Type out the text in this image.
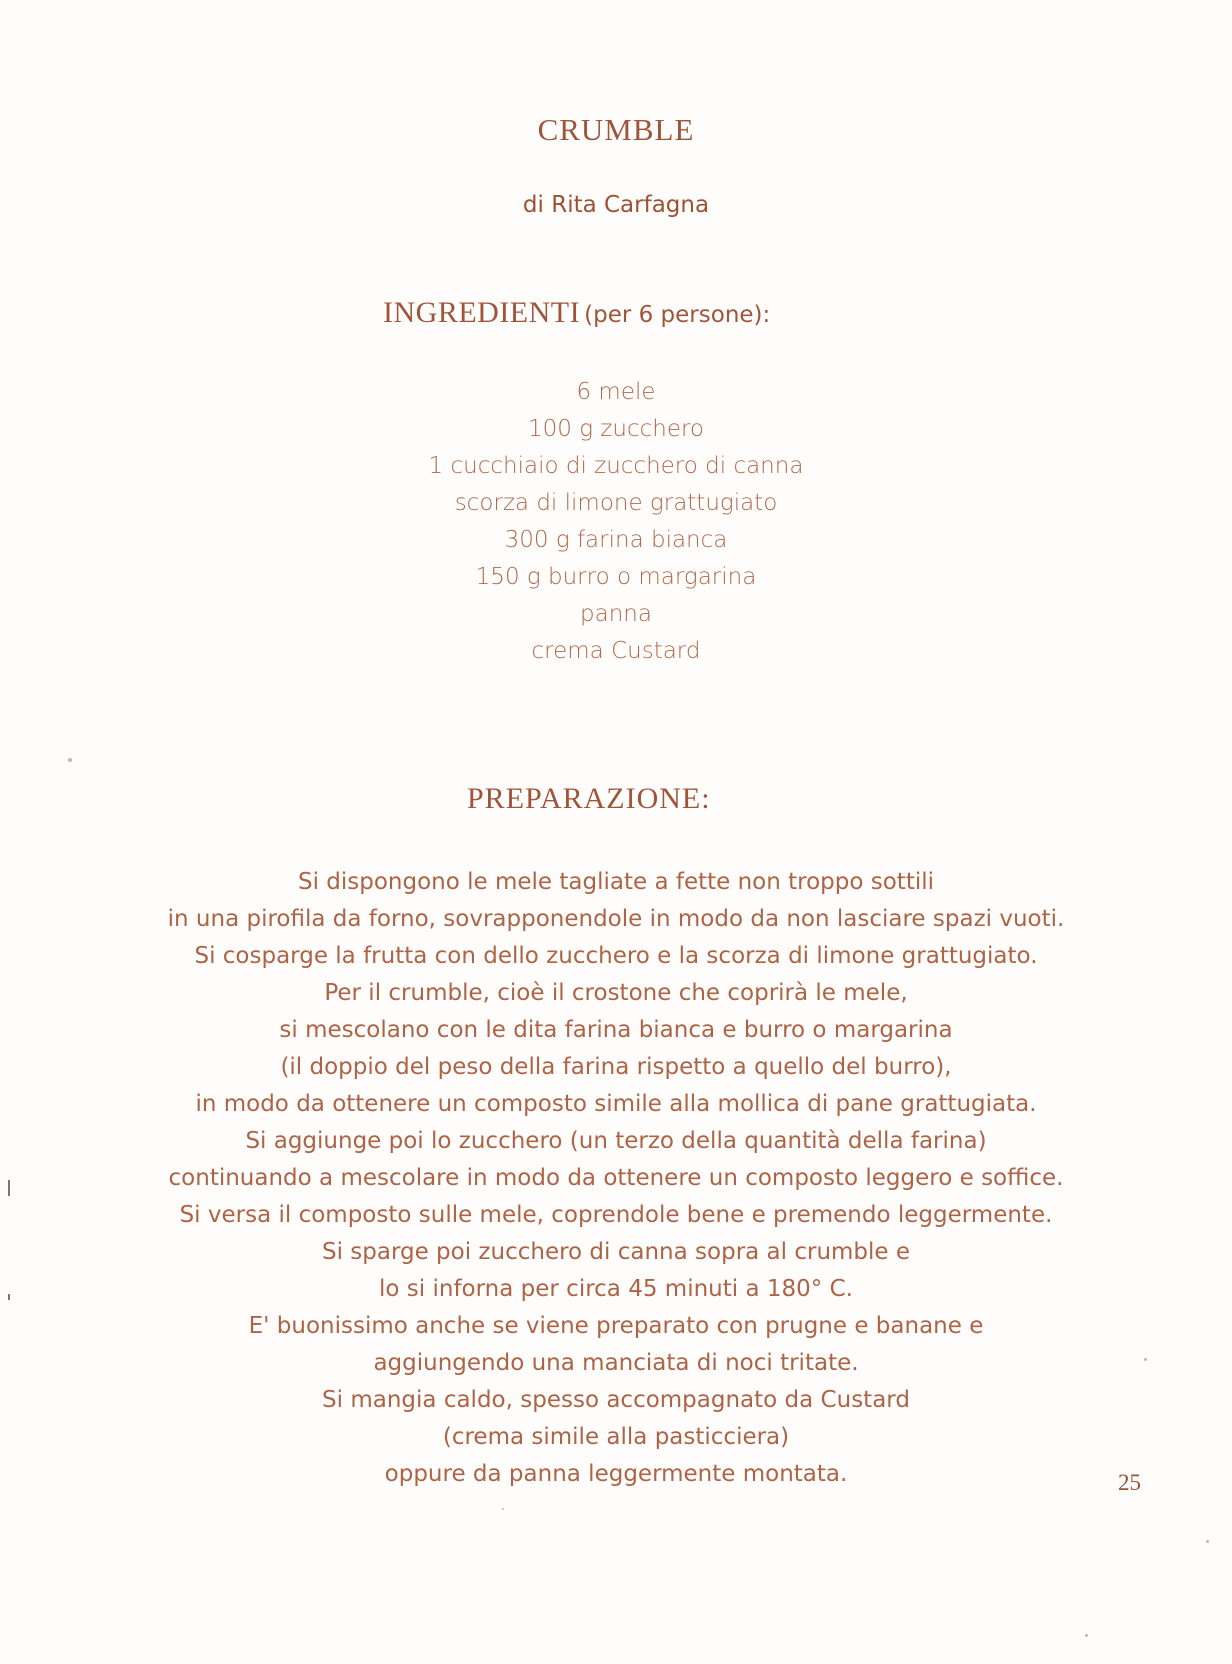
CRUMBLE
di Rita Carfagna
INGREDIENTI (per 6 persone):
6 mele
100 g zucchero
1 cucchiaio di zucchero di canna
scorza di limone grattugiato
300 g farina bianca
150 g burro o margarina
panna
crema Custard
PREPARAZIONE:
Si dispongono le mele tagliate a fette non troppo sottili
in una pirofila da forno, sovrapponendole in modo da non lasciare spazi vuoti.
Si cosparge la frutta con dello zucchero e la scorza di limone grattugiato.
Per il crumble, cioè il crostone che coprirà le mele,
si mescolano con le dita farina bianca e burro o margarina
(il doppio del peso della farina rispetto a quello del burro),
in modo da ottenere un composto simile alla mollica di pane grattugiata.
Si aggiunge poi lo zucchero (un terzo della quantità della farina)
continuando a mescolare in modo da ottenere un composto leggero e soffice.
Si versa il composto sulle mele, coprendole bene e premendo leggermente.
Si sparge poi zucchero di canna sopra al crumble e
lo si inforna per circa 45 minuti a 180° C.
E' buonissimo anche se viene preparato con prugne e banane e
aggiungendo una manciata di noci tritate.
Si mangia caldo, spesso accompagnato da Custard
(crema simile alla pasticciera)
oppure da panna leggermente montata.	25
